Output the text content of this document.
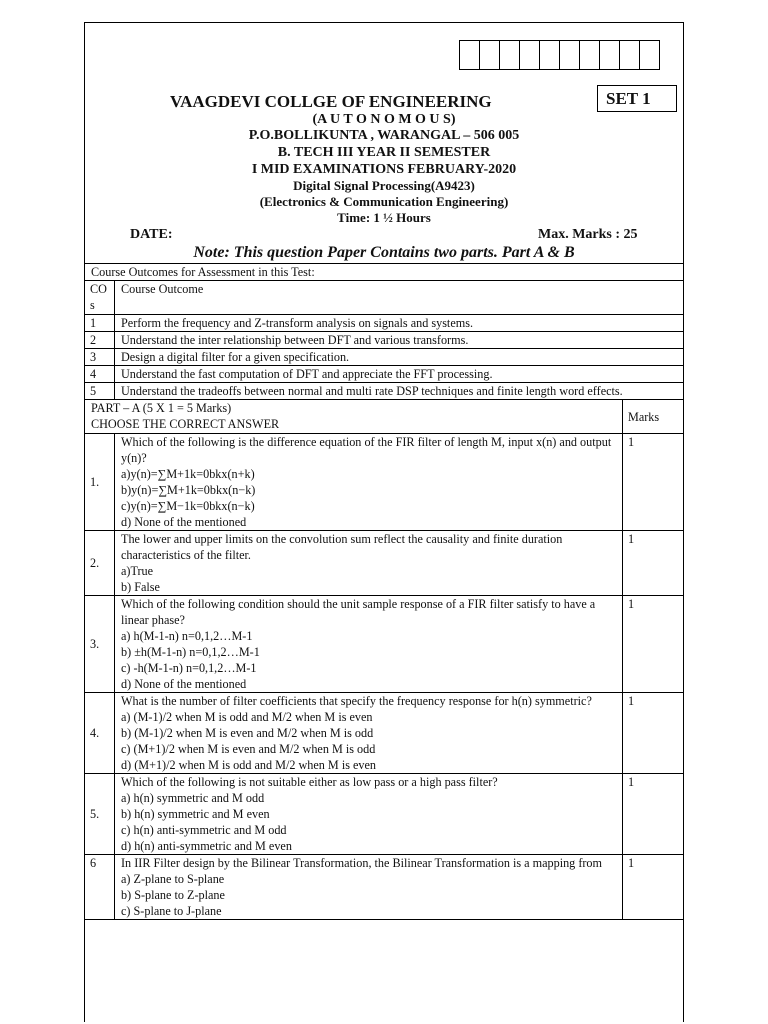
SET 1
VAAGDEVI COLLGE OF ENGINEERING
(A U T O N O M O U S)
P.O.BOLLIKUNTA , WARANGAL – 506 005
B. TECH III YEAR II SEMESTER
I MID EXAMINATIONS FEBRUARY-2020
Digital Signal Processing(A9423)
(Electronics & Communication Engineering)
Time: 1 ½ Hours
DATE:	Max. Marks : 25
Note: This question Paper Contains two parts. Part A & B
Course Outcomes for Assessment in this Test:		
CO s	Course Outcome	
1	Perform the frequency and Z-transform analysis on signals and systems.	
2	Understand the inter relationship between DFT and various transforms.	
3	Design a digital filter for a given specification.	
4	Understand the fast computation of DFT and appreciate the FFT processing.	
5	Understand the tradeoffs between normal and multi rate DSP techniques and finite length word effects.	

PART – A (5 X 1 = 5 Marks)
CHOOSE THE CORRECT ANSWER		Marks
1.	Which of the following is the difference equation of the FIR filter of length M, input x(n) and output y(n)?
a)y(n)=∑M+1k=0bkx(n+k)
b)y(n)=∑M+1k=0bkx(n−k)
c)y(n)=∑M−1k=0bkx(n−k)
d) None of the mentioned	1
2.	The lower and upper limits on the convolution sum reflect the causality and finite duration characteristics of the filter.
a)True
b) False	1
3.	Which of the following condition should the unit sample response of a FIR filter satisfy to have a linear phase?
a) h(M-1-n) n=0,1,2…M-1
b) ±h(M-1-n) n=0,1,2…M-1
c) -h(M-1-n) n=0,1,2…M-1
d) None of the mentioned	1
4.	What is the number of filter coefficients that specify the frequency response for h(n) symmetric?
a) (M-1)/2 when M is odd and M/2 when M is even
b) (M-1)/2 when M is even and M/2 when M is odd
c) (M+1)/2 when M is even and M/2 when M is odd
d) (M+1)/2 when M is odd and M/2 when M is even	1
5.	Which of the following is not suitable either as low pass or a high pass filter?
a) h(n) symmetric and M odd
b) h(n) symmetric and M even
c) h(n) anti-symmetric and M odd
d) h(n) anti-symmetric and M even	1
6	In IIR Filter design by the Bilinear Transformation, the Bilinear Transformation is a mapping from
a) Z-plane to S-plane
b) S-plane to Z-plane
c) S-plane to J-plane	1
